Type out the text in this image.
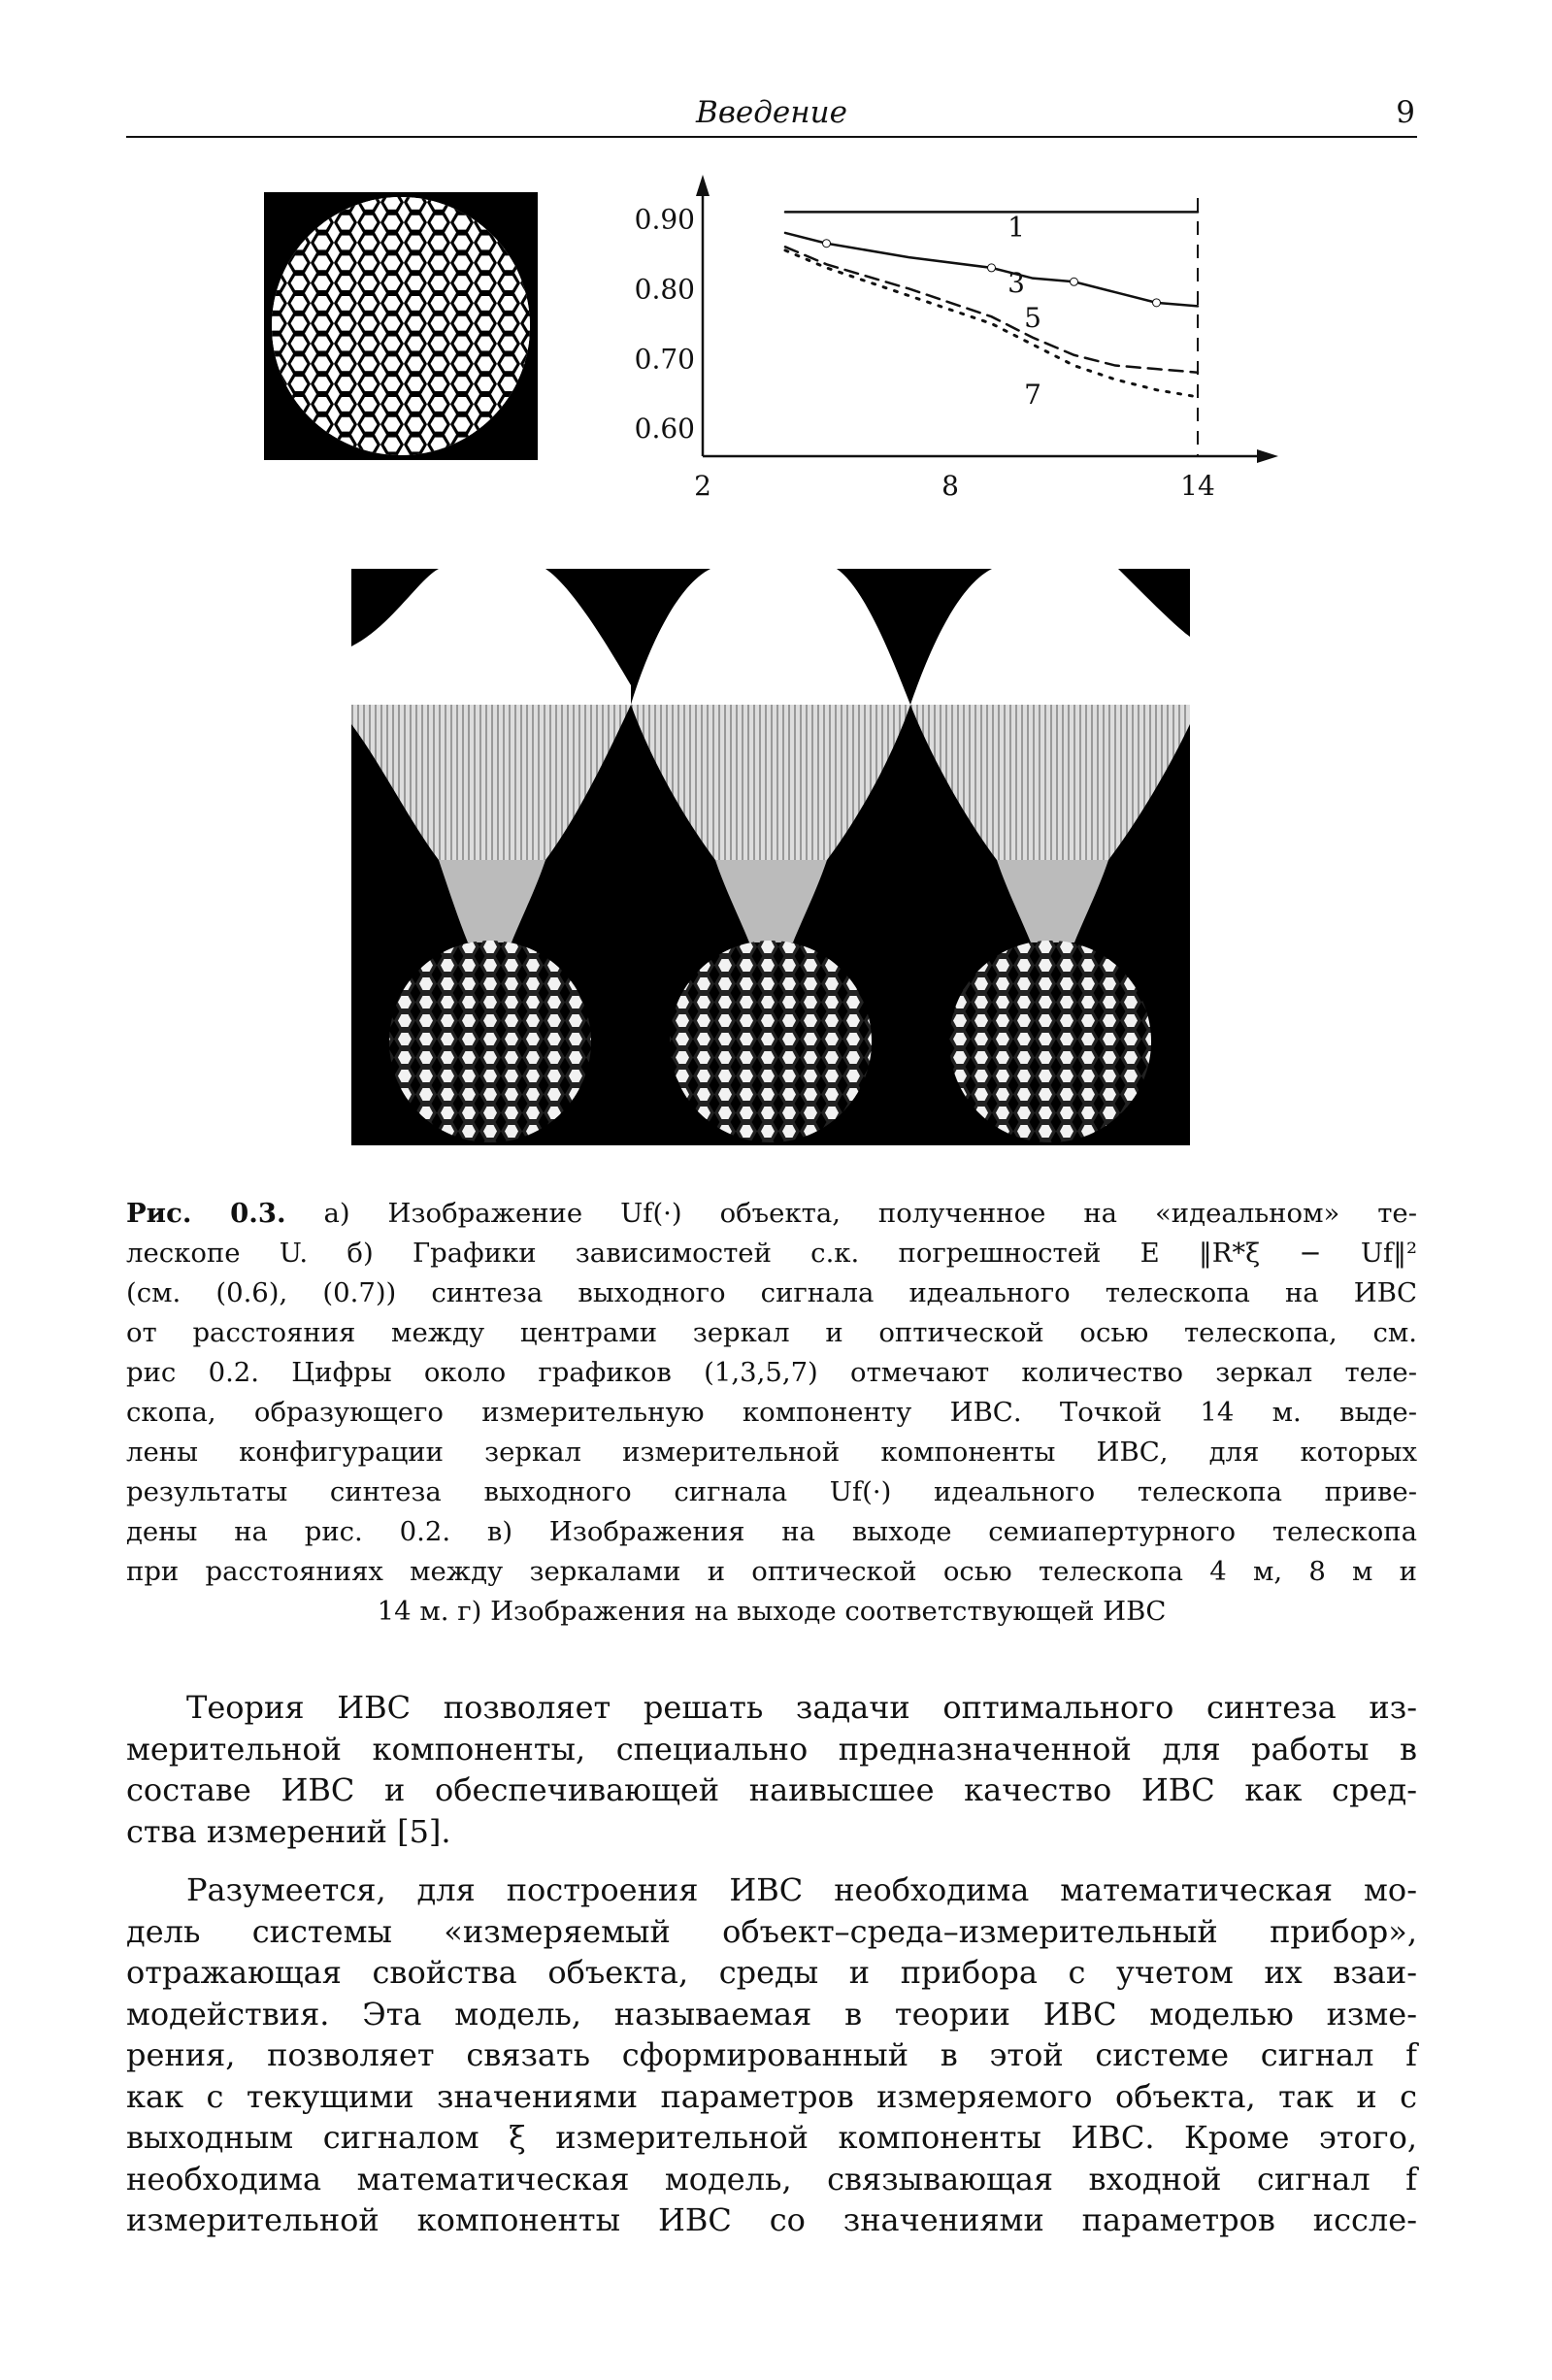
Введение	9
0.90
0.80
0.70
0.60
2	8	14
1
3
5
7
Рис. 0.3. а) Изображение Uf(·) объекта, полученное на «идеальном» те-
лескопе U. б) Графики зависимостей с.к. погрешностей E ‖R*ξ − Uf‖²
(см. (0.6), (0.7)) синтеза выходного сигнала идеального телескопа на ИВС
от расстояния между центрами зеркал и оптической осью телескопа, см.
рис 0.2. Цифры около графиков (1,3,5,7) отмечают количество зеркал теле-
скопа, образующего измерительную компоненту ИВС. Точкой 14 м. выде-
лены конфигурации зеркал измерительной компоненты ИВС, для которых
результаты синтеза выходного сигнала Uf(·) идеального телескопа приве-
дены на рис. 0.2. в) Изображения на выходе семиапертурного телескопа
при расстояниях между зеркалами и оптической осью телескопа 4 м, 8 м и
14 м. г) Изображения на выходе соответствующей ИВС
Теория ИВС позволяет решать задачи оптимального синтеза из-
мерительной компоненты, специально предназначенной для работы в
составе ИВС и обеспечивающей наивысшее качество ИВС как сред-
ства измерений [5].
Разумеется, для построения ИВС необходима математическая мо-
дель системы «измеряемый объект–среда–измерительный прибор»,
отражающая свойства объекта, среды и прибора с учетом их взаи-
модействия. Эта модель, называемая в теории ИВС моделью изме-
рения, позволяет связать сформированный в этой системе сигнал f
как с текущими значениями параметров измеряемого объекта, так и с
выходным сигналом ξ измерительной компоненты ИВС. Кроме этого,
необходима математическая модель, связывающая входной сигнал f
измерительной компоненты ИВС со значениями параметров иссле-
